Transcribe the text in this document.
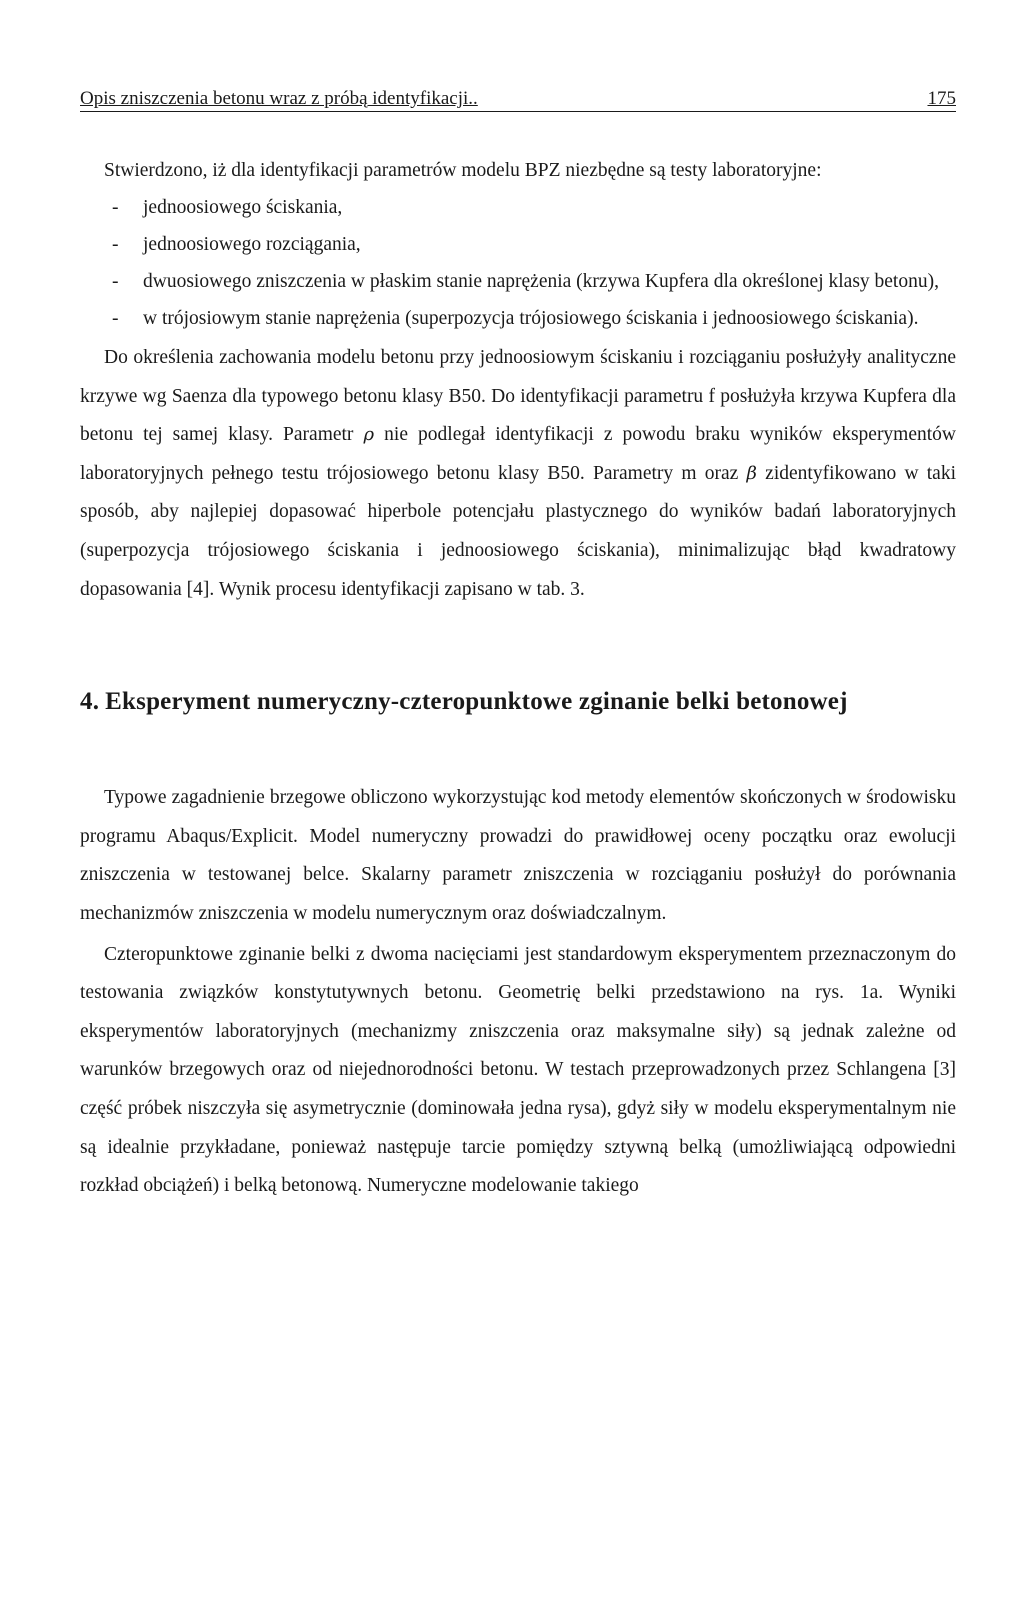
Opis zniszczenia betonu wraz z próbą identyfikacji..	175

Stwierdzono, iż dla identyfikacji parametrów modelu BPZ niezbędne są testy laboratoryjne:

- jednoosiowego ściskania,
- jednoosiowego rozciągania,
- dwuosiowego zniszczenia w płaskim stanie naprężenia (krzywa Kupfera dla określonej klasy betonu),
- w trójosiowym stanie naprężenia (superpozycja trójosiowego ściskania i jednoosiowego ściskania).

Do określenia zachowania modelu betonu przy jednoosiowym ściskaniu i rozciąganiu posłużyły analityczne krzywe wg Saenza dla typowego betonu klasy B50. Do identyfikacji parametru f posłużyła krzywa Kupfera dla betonu tej samej klasy. Parametr ρ nie podlegał identyfikacji z powodu braku wyników eksperymentów laboratoryjnych pełnego testu trójosiowego betonu klasy B50. Parametry m oraz β zidentyfikowano w taki sposób, aby najlepiej dopasować hiperbole potencjału plastycznego do wyników badań laboratoryjnych (superpozycja trójosiowego ściskania i jednoosiowego ściskania), minimalizując błąd kwadratowy dopasowania [4]. Wynik procesu identyfikacji zapisano w tab. 3.

4. Eksperyment numeryczny-czteropunktowe zginanie belki betonowej

Typowe zagadnienie brzegowe obliczono wykorzystując kod metody elementów skończonych w środowisku programu Abaqus/Explicit. Model numeryczny prowadzi do prawidłowej oceny początku oraz ewolucji zniszczenia w testowanej belce. Skalarny parametr zniszczenia w rozciąganiu posłużył do porównania mechanizmów zniszczenia w modelu numerycznym oraz doświadczalnym.

Czteropunktowe zginanie belki z dwoma nacięciami jest standardowym eksperymentem przeznaczonym do testowania związków konstytutywnych betonu. Geometrię belki przedstawiono na rys. 1a. Wyniki eksperymentów laboratoryjnych (mechanizmy zniszczenia oraz maksymalne siły) są jednak zależne od warunków brzegowych oraz od niejednorodności betonu. W testach przeprowadzonych przez Schlangena [3] część próbek niszczyła się asymetrycznie (dominowała jedna rysa), gdyż siły w modelu eksperymentalnym nie są idealnie przykładane, ponieważ następuje tarcie pomiędzy sztywną belką (umożliwiającą odpowiedni rozkład obciążeń) i belką betonową. Numeryczne modelowanie takiego
